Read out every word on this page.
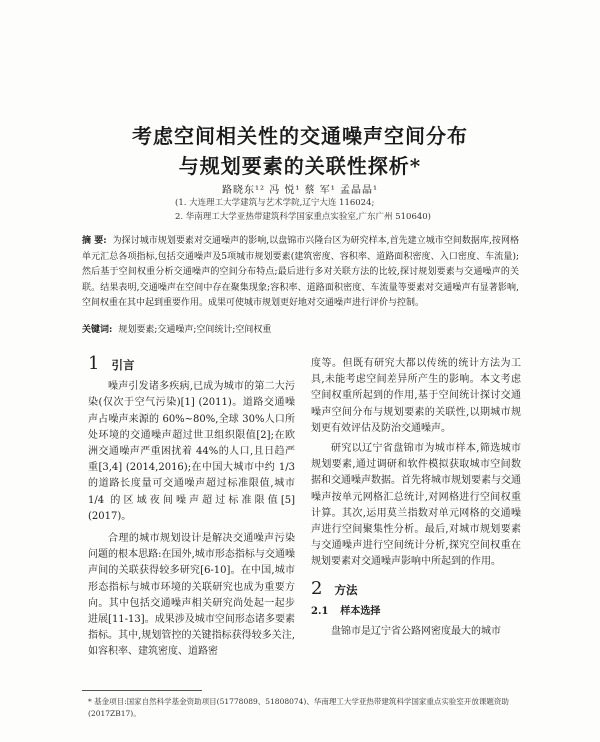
考虑空间相关性的交通噪声空间分布
与规划要素的关联性探析*
路晓东¹² 冯 悦¹ 蔡 军¹ 孟晶晶¹
(1. 大连理工大学建筑与艺术学院,辽宁大连 116024;
2. 华南理工大学亚热带建筑科学国家重点实验室,广东广州 510640)
摘 要: 为探讨城市规划要素对交通噪声的影响,以盘锦市兴隆台区为研究样本,首先建立城市空间数据库,按网格单元汇总各项指标,包括交通噪声及5项城市规划要素(建筑密度、容积率、道路面积密度、入口密度、车流量);然后基于空间权重分析交通噪声的空间分布特点;最后进行多对关联方法的比较,探讨规划要素与交通噪声的关联。结果表明,交通噪声在空间中存在聚集现象;容积率、道路面积密度、车流量等要素对交通噪声有显著影响,空间权重在其中起到重要作用。成果可使城市规划更好地对交通噪声进行评价与控制。
关键词: 规划要素;交通噪声;空间统计;空间权重
1 引言

噪声引发诸多疾病,已成为城市的第二大污染(仅次于空气污染)[1] (2011)。道路交通噪声占噪声来源的 60%~80%,全球 30%人口所处环境的交通噪声超过世卫组织限值[2];在欧洲交通噪声严重困扰着 44%的人口,且日趋严重[3,4] (2014,2016);在中国大城市中约 1/3 的道路长度量可交通噪声超过标准限值,城市 1/4 的区域夜间噪声超过标准限值[5] (2017)。

合理的城市规划设计是解决交通噪声污染问题的根本思路:在国外,城市形态指标与交通噪声间的关联获得较多研究[6-10]。在中国,城市形态指标与城市环境的关联研究也成为重要方向。其中包括交通噪声相关研究尚处起一起步进展[11-13]。成果涉及城市空间形态诸多要素指标。其中,规划管控的关键指标获得较多关注,如容积率、建筑密度、道路密

度等。但既有研究大都以传统的统计方法为工具,未能考虑空间差异所产生的影响。本文考虑空间权重所起到的作用,基于空间统计探讨交通噪声空间分布与规划要素的关联性,以期城市规划更有效评估及防治交通噪声。

研究以辽宁省盘锦市为城市样本,筛选城市规划要素,通过调研和软件模拟获取城市空间数据和交通噪声数据。首先将城市规划要素与交通噪声按单元网格汇总统计,对网格进行空间权重计算。其次,运用莫兰指数对单元网格的交通噪声进行空间聚集性分析。最后,对城市规划要素与交通噪声进行空间统计分析,探究空间权重在规划要素对交通噪声影响中所起到的作用。

2 方法
2.1 样本选择

盘锦市是辽宁省公路网密度最大的城市

* 基金项目:国家自然科学基金资助项目(51778089、51808074)、华南理工大学亚热带建筑科学国家重点实验室开放课题资助(2017ZB17)。
